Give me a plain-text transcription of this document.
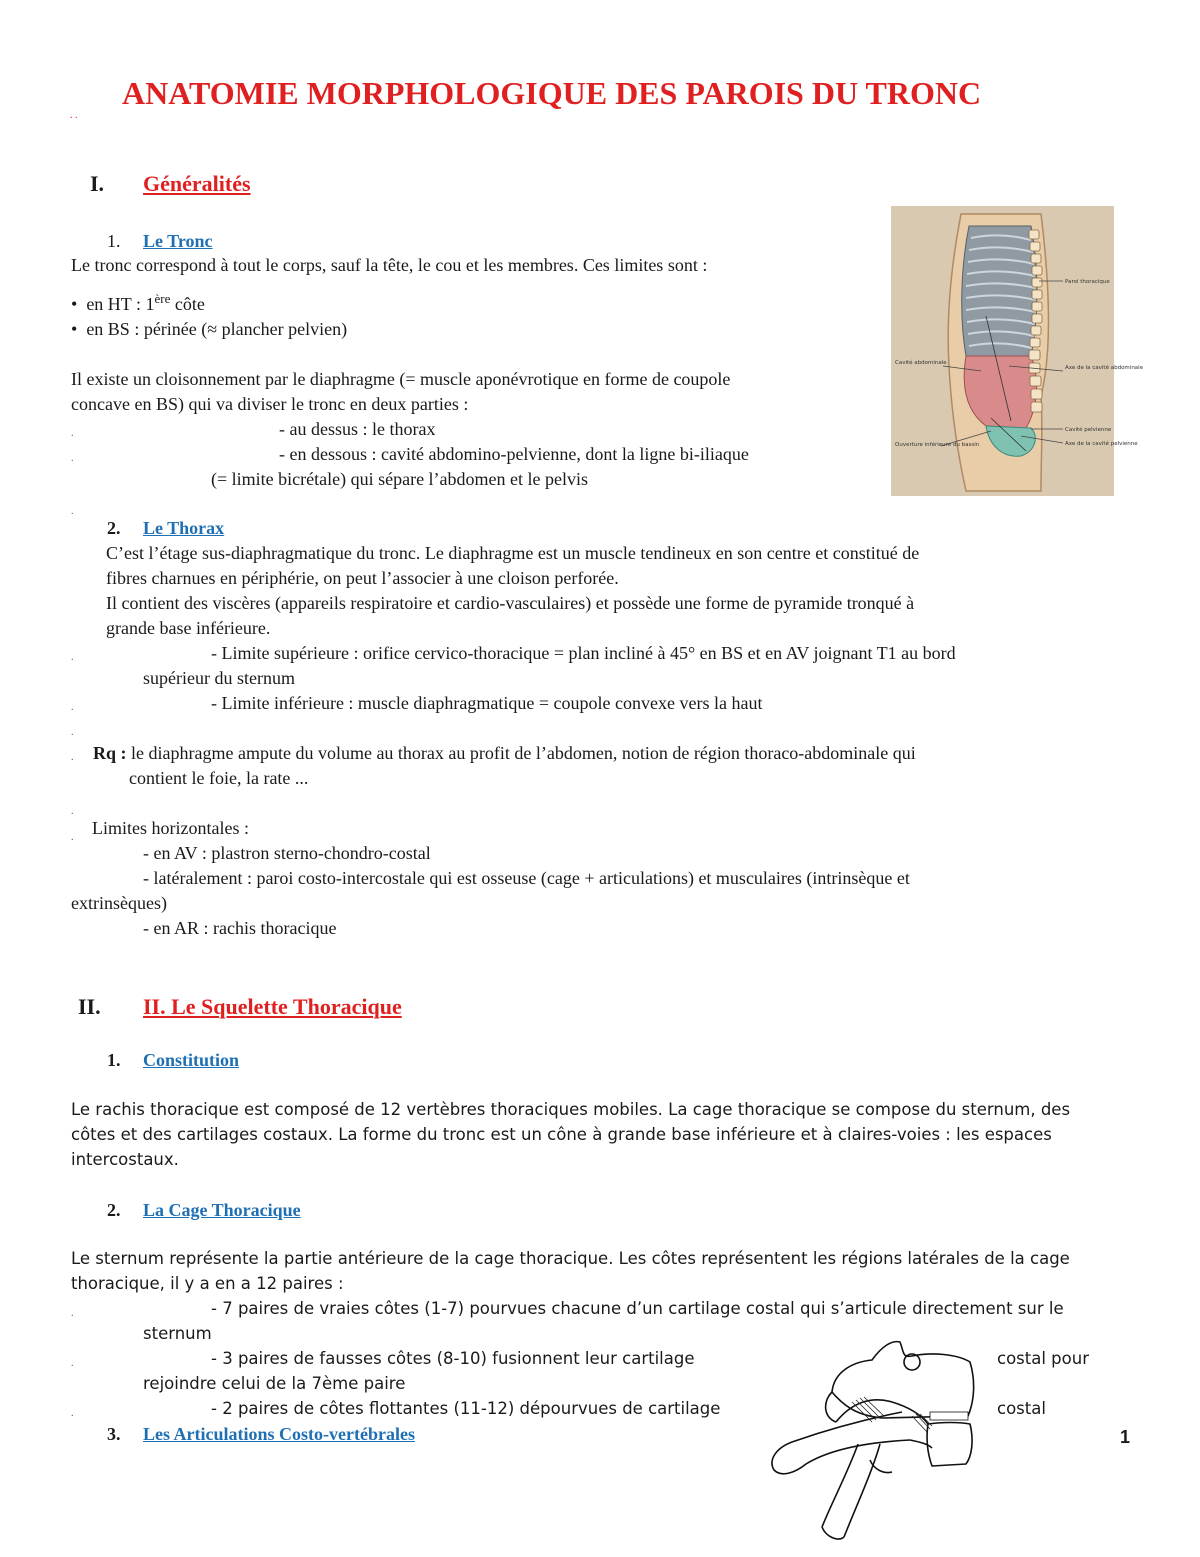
. .
ANATOMIE MORPHOLOGIQUE DES PAROIS DU TRONC
I. Généralités
1. Le Tronc
Le tronc correspond à tout le corps, sauf la tête, le cou et les membres. Ces limites sont :
• en HT : 1ère côte
• en BS : périnée (≈ plancher pelvien)
Il existe un cloisonnement par le diaphragme (= muscle aponévrotique en forme de coupole
concave en BS) qui va diviser le tronc en deux parties :
.	- au dessus : le thorax
.	- en dessous : cavité abdomino-pelvienne, dont la ligne bi-iliaque
(= limite bicrétale) qui sépare l’abdomen et le pelvis
.
Paroi thoracique
Cavité abdominale
Axe de la cavité abdominale
Cavité pelvienne
Axe de la cavité pelvienne
Ouverture inférieure du bassin
2. Le Thorax
C’est l’étage sus-diaphragmatique du tronc. Le diaphragme est un muscle tendineux en son centre et constitué de
fibres charnues en périphérie, on peut l’associer à une cloison perforée.
Il contient des viscères (appareils respiratoire et cardio-vasculaires) et possède une forme de pyramide tronqué à
grande base inférieure.
.	- Limite supérieure : orifice cervico-thoracique = plan incliné à 45° en BS et en AV joignant T1 au bord
supérieur du sternum
.	- Limite inférieure : muscle diaphragmatique = coupole convexe vers la haut
.
. Rq : le diaphragme ampute du volume au thorax au profit de l’abdomen, notion de région thoraco-abdominale qui
contient le foie, la rate ...
.
. Limites horizontales :
- en AV : plastron sterno-chondro-costal
- latéralement : paroi costo-intercostale qui est osseuse (cage + articulations) et musculaires (intrinsèque et
extrinsèques)
- en AR : rachis thoracique
II. II. Le Squelette Thoracique
1. Constitution
Le rachis thoracique est composé de 12 vertèbres thoraciques mobiles. La cage thoracique se compose du sternum, des
côtes et des cartilages costaux. La forme du tronc est un cône à grande base inférieure et à claires-voies : les espaces
intercostaux.
2. La Cage Thoracique
Le sternum représente la partie antérieure de la cage thoracique. Les côtes représentent les régions latérales de la cage
thoracique, il y a en a 12 paires :
.	- 7 paires de vraies côtes (1-7) pourvues chacune d’un cartilage costal qui s’articule directement sur le
sternum
.	- 3 paires de fausses côtes (8-10) fusionnent leur cartilage	costal pour
rejoindre celui de la 7ème paire
.	- 2 paires de côtes flottantes (11-12) dépourvues de cartilage	costal
3. Les Articulations Costo-vertébrales	1
